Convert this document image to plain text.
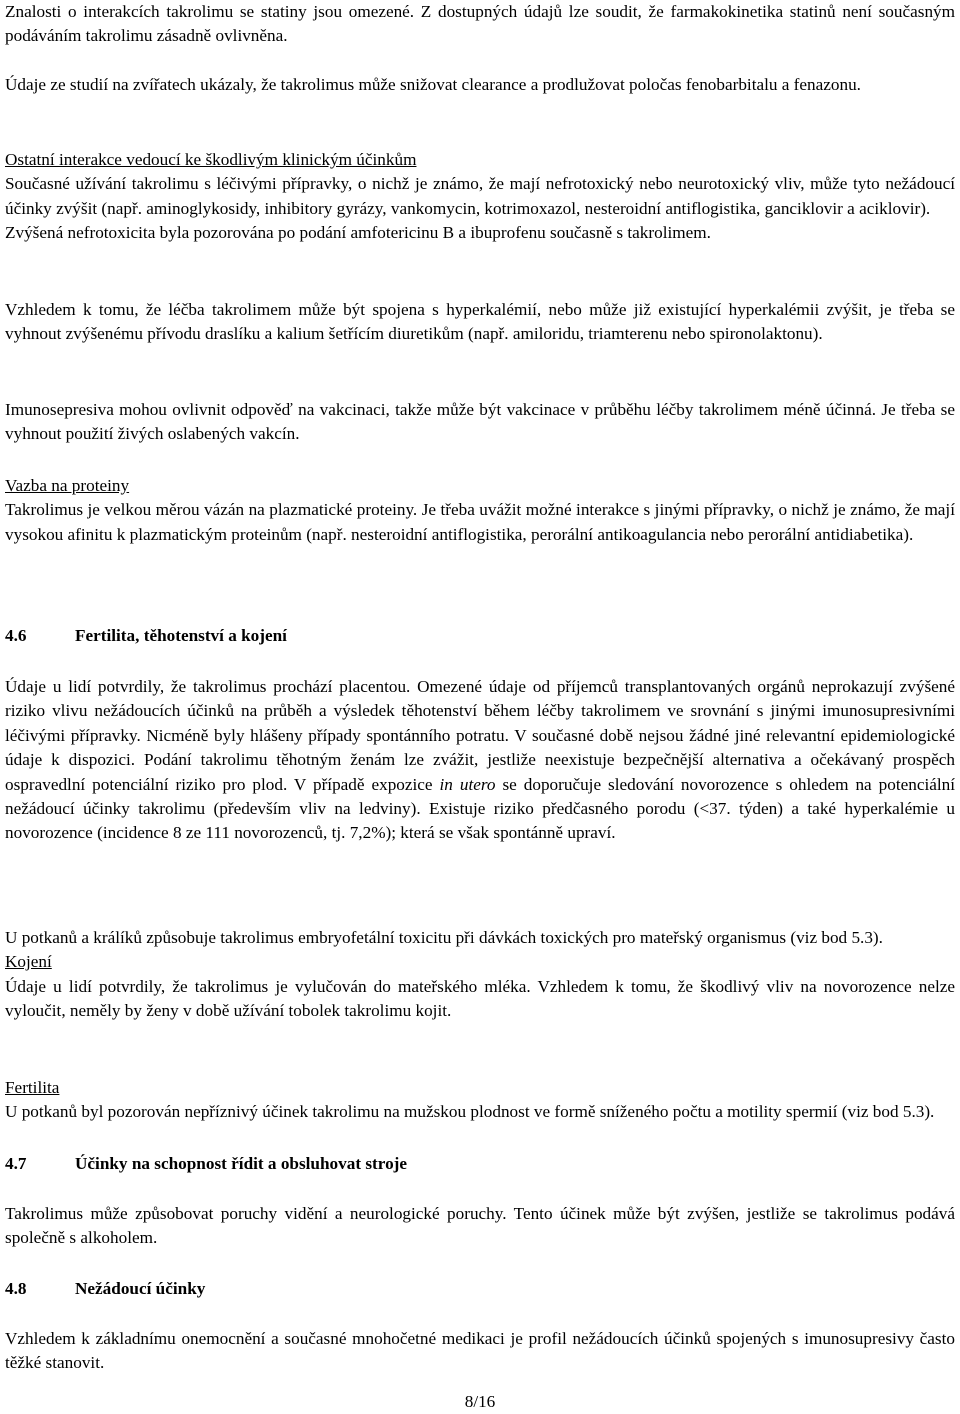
Znalosti o interakcích takrolimu se statiny jsou omezené. Z dostupných údajů lze soudit, že farmakokinetika statinů není současným podáváním takrolimu zásadně ovlivněna.

Údaje ze studií na zvířatech ukázaly, že takrolimus může snižovat clearance a prodlužovat poločas fenobarbitalu a fenazonu.

Ostatní interakce vedoucí ke škodlivým klinickým účinkům
Současné užívání takrolimu s léčivými přípravky, o nichž je známo, že mají nefrotoxický nebo neurotoxický vliv, může tyto nežádoucí účinky zvýšit (např. aminoglykosidy, inhibitory gyrázy, vankomycin, kotrimoxazol, nesteroidní antiflogistika, ganciklovir a aciklovir).
Zvýšená nefrotoxicita byla pozorována po podání amfotericinu B a ibuprofenu současně s takrolimem.

Vzhledem k tomu, že léčba takrolimem může být spojena s hyperkalémií, nebo může již existující hyperkalémii zvýšit, je třeba se vyhnout zvýšenému přívodu draslíku a kalium šetřícím diuretikům (např. amiloridu, triamterenu nebo spironolaktonu).

Imunosepresiva mohou ovlivnit odpověď na vakcinaci, takže může být vakcinace v průběhu léčby takrolimem méně účinná. Je třeba se vyhnout použití živých oslabených vakcín.

Vazba na proteiny
Takrolimus je velkou měrou vázán na plazmatické proteiny. Je třeba uvážit možné interakce s jinými přípravky, o nichž je známo, že mají vysokou afinitu k plazmatickým proteinům (např. nesteroidní antiflogistika, perorální antikoagulancia nebo perorální antidiabetika).
4.6	Fertilita, těhotenství a kojení

Údaje u lidí potvrdily, že takrolimus prochází placentou. Omezené údaje od příjemců transplantovaných orgánů neprokazují zvýšené riziko vlivu nežádoucích účinků na průběh a výsledek těhotenství během léčby takrolimem ve srovnání s jinými imunosupresivními léčivými přípravky. Nicméně byly hlášeny případy spontánního potratu. V současné době nejsou žádné jiné relevantní epidemiologické údaje k dispozici. Podání takrolimu těhotným ženám lze zvážit, jestliže neexistuje bezpečnější alternativa a očekávaný prospěch ospravedlní potenciální riziko pro plod. V případě expozice in utero se doporučuje sledování novorozence s ohledem na potenciální nežádoucí účinky takrolimu (především vliv na ledviny). Existuje riziko předčasného porodu (<37. týden) a také hyperkalémie u novorozence (incidence 8 ze 111 novorozenců, tj. 7,2%); která se však spontánně upraví.

U potkanů a králíků způsobuje takrolimus embryofetální toxicitu při dávkách toxických pro mateřský organismus (viz bod 5.3).
Kojení
Údaje u lidí potvrdily, že takrolimus je vylučován do mateřského mléka. Vzhledem k tomu, že škodlivý vliv na novorozence nelze vyloučit, neměly by ženy v době užívání tobolek takrolimu kojit.
Fertilita
U potkanů byl pozorován nepříznivý účinek takrolimu na mužskou plodnost ve formě sníženého počtu a motility spermií (viz bod 5.3).
4.7	Účinky na schopnost řídit a obsluhovat stroje

Takrolimus může způsobovat poruchy vidění a neurologické poruchy. Tento účinek může být zvýšen, jestliže se takrolimus podává společně s alkoholem.

4.8	Nežádoucí účinky

Vzhledem k základnímu onemocnění a současné mnohočetné medikaci je profil nežádoucích účinků spojených s imunosupresivy často těžké stanovit.

8/16
